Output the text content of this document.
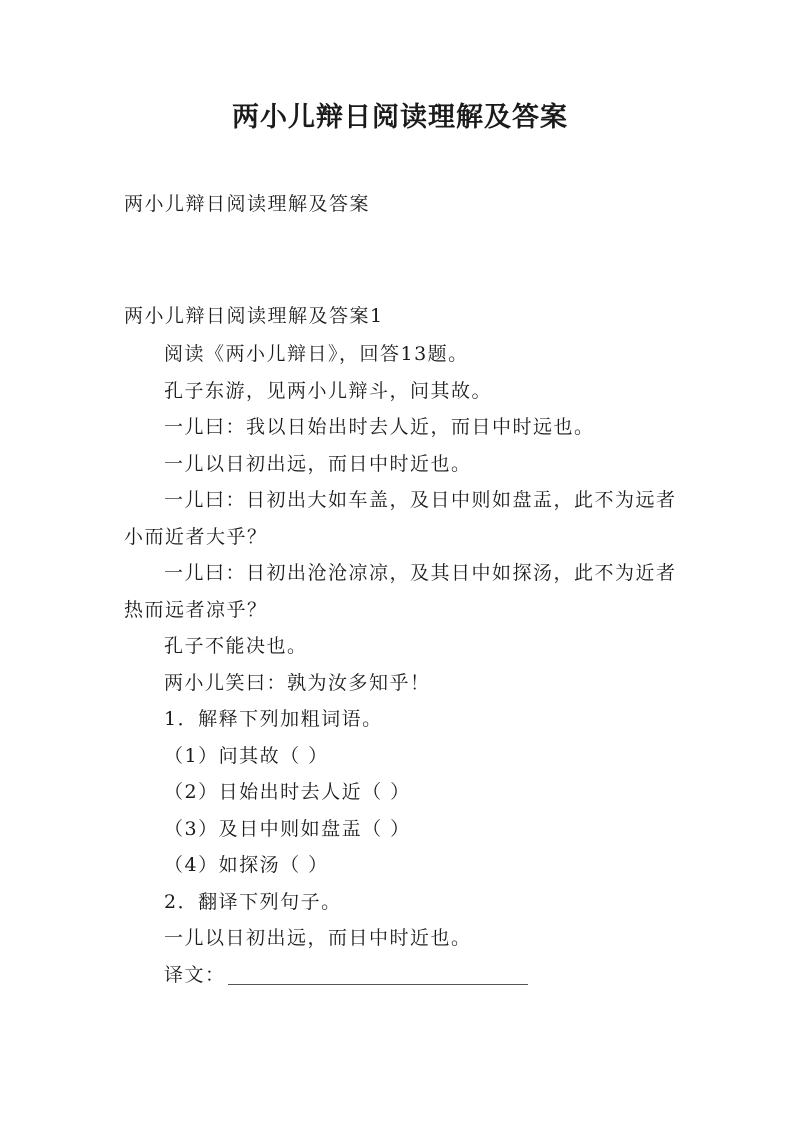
两小儿辩日阅读理解及答案
两小儿辩日阅读理解及答案
两小儿辩日阅读理解及答案1

阅读《两小儿辩日》，回答13题。

孔子东游，见两小儿辩斗，问其故。

一儿曰：我以日始出时去人近，而日中时远也。

一儿以日初出远，而日中时近也。

一儿曰：日初出大如车盖，及日中则如盘盂，此不为远者小而近者大乎？

一儿曰：日初出沧沧凉凉，及其日中如探汤，此不为近者热而远者凉乎？

孔子不能决也。

两小儿笑曰：孰为汝多知乎！

1．解释下列加粗词语。

（1）问其故（ ）

（2）日始出时去人近（ ）

（3）及日中则如盘盂（ ）

（4）如探汤（ ）

2．翻译下列句子。

一儿以日初出远，而日中时近也。

译文：
